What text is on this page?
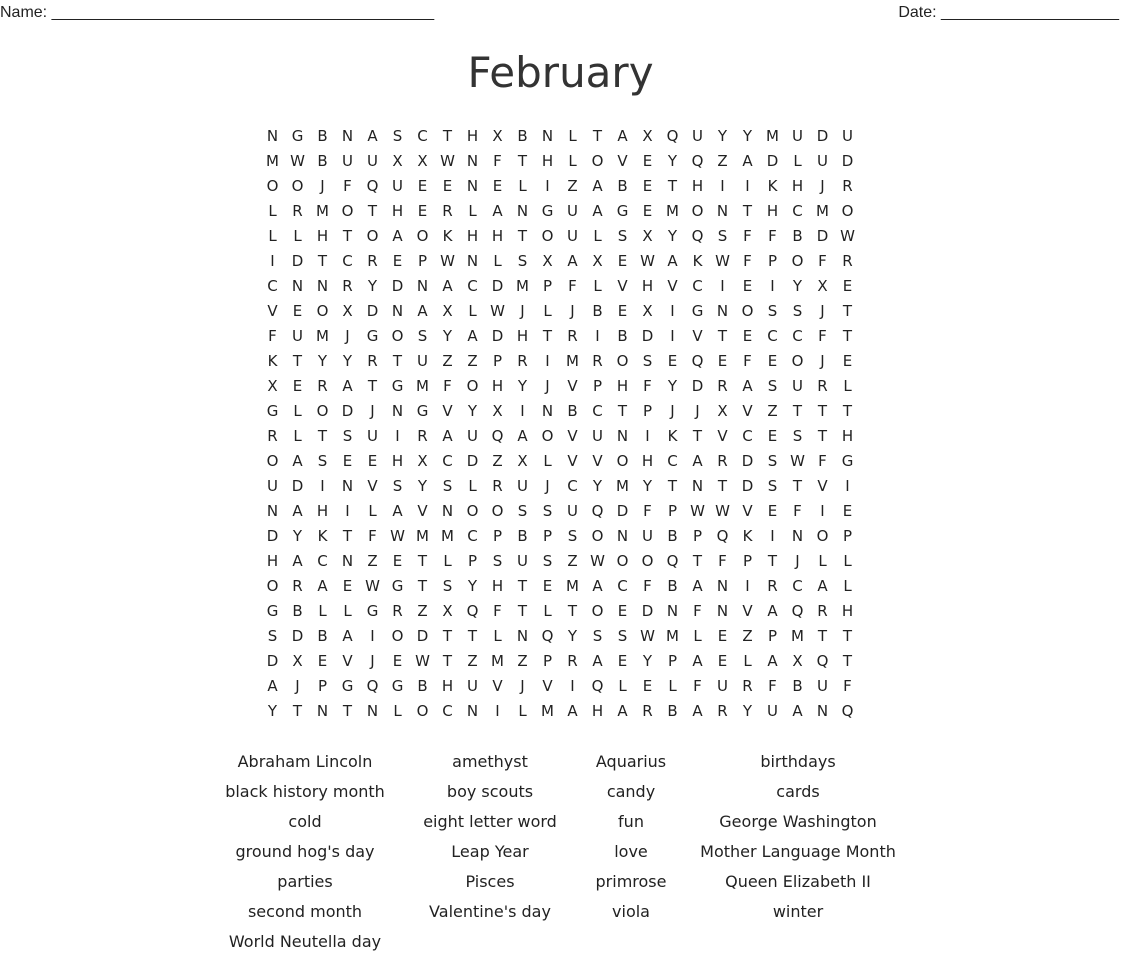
Name: ___________________________________________	Date: ____________________
February
N G B N A	S C	T H X B N	L	T	A X Q U Y	Y M U D U
M W B U U X X W N	F	T H	L O V	E	Y Q Z A D	L	U D
O O	J	F Q U E	E N E	L	I	Z A B	E	T H	I	I	K H	J	R
L	R M O T H E	R	L	A N G U A G E M O N T H C M O
L	L	H T O A O K H H T O U	L	S	X	Y Q S	F	F	B D W
I	D T	C R	E	P W N	L	S	X A X	E W A K W F	P O F	R
C N N R	Y D N A C D M P	F	L	V H V C	I	E	I	Y	X	E
V	E O X D N A X	L W	J	L	J	B	E	X	I	G N O S	S	J	T
F	U M	J	G O S	Y	A D H T	R	I	B D	I	V	T	E	C C	F	T
K	T	Y	Y	R	T U Z Z	P	R	I	M R O S	E Q E	F	E O	J	E
X	E	R A	T G M F O H Y	J	V	P H	F	Y D R A	S U R	L
G	L O D	J	N G V	Y	X	I	N B C	T	P	J	J	X V Z	T	T	T
R	L	T	S U	I	R A U Q A O V U N	I	K	T	V C	E	S	T H
O A	S	E	E H X C D Z X	L	V V O H C A R D S W F G
U D	I	N V	S	Y	S	L	R U	J	C	Y M Y	T N T D S	T	V	I
N A H	I	L	A V N O O S	S U Q D F	P W W V	E	F	I	E
D Y	K	T	F W M M C	P	B	P	S O N U B	P Q K	I	N O P
H A C N Z	E	T	L	P	S U S	Z W O O Q T	F	P	T	J	L	L
O R A	E W G T	S	Y H T	E M A C	F	B A N	I	R C A	L
G B	L	L	G R Z X Q F	T	L	T O E D N	F	N V A Q R H
S D B A	I	O D T	T	L	N Q Y	S	S W M L	E	Z	P M T	T
D X	E	V	J	E W T	Z M Z	P	R A	E	Y	P	A	E	L	A X Q T
A	J	P G Q G B H U V	J	V	I	Q L	E	L	F	U R	F	B U	F
Y	T N T N	L O C N	I	L M A H A R B A R	Y U A N Q
Abraham Lincoln	amethyst	Aquarius	birthdays
black history month	boy scouts	candy	cards
cold	eight letter word	fun	George Washington
ground hog's day	Leap Year	love	Mother Language Month
parties	Pisces	primrose	Queen Elizabeth II
second month	Valentine's day	viola	winter
World Neutella day
